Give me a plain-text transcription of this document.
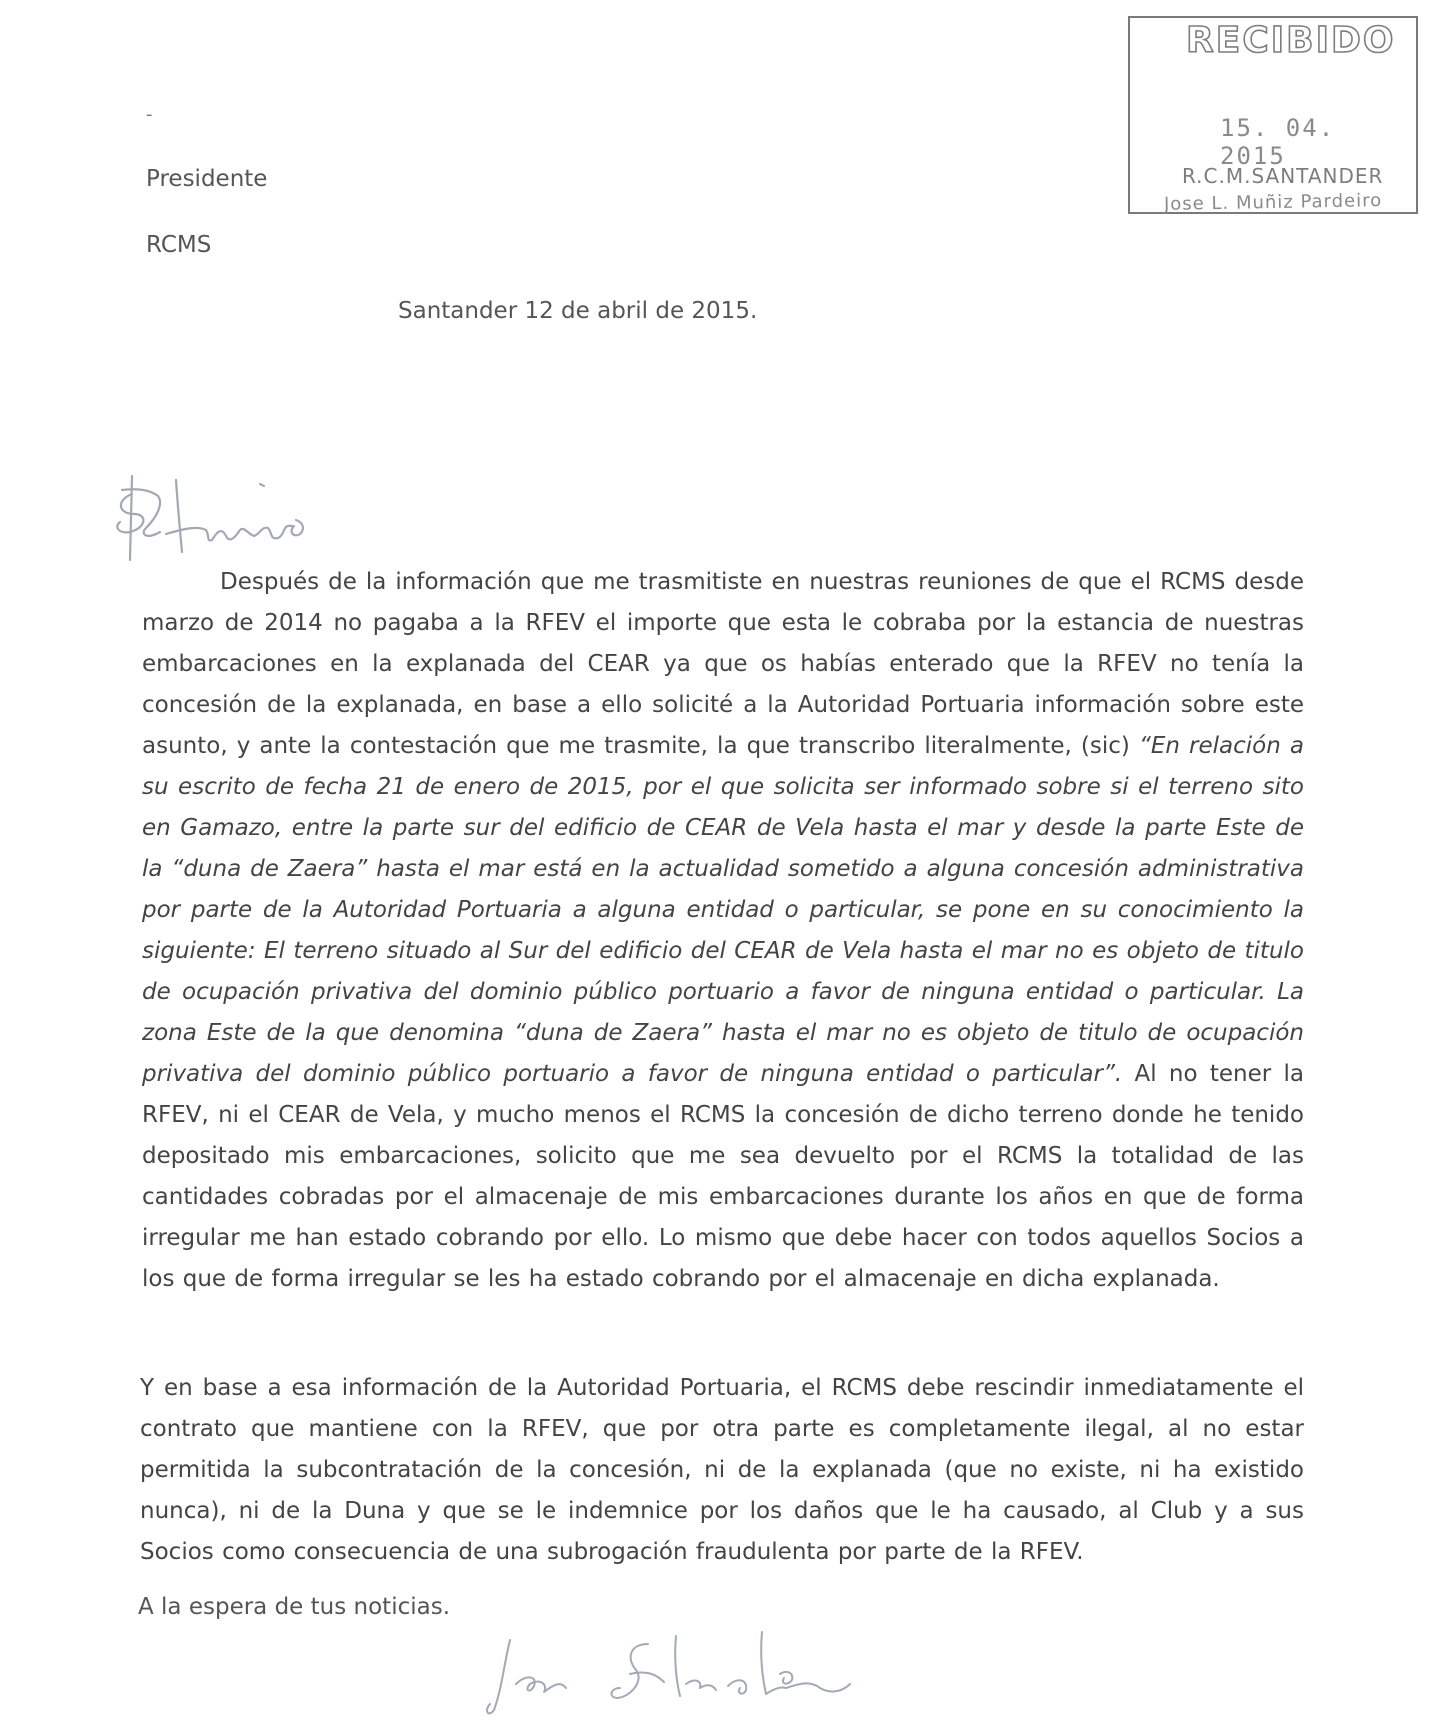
RECIBIDO
15. 04. 2015
R.C.M.SANTANDER
Jose L. Muñiz Pardeiro
-
Presidente
RCMS
Santander 12 de abril de 2015.

Después de la información que me trasmitiste en nuestras reuniones de que el RCMS desde marzo de 2014 no pagaba a la RFEV el importe que esta le cobraba por la estancia de nuestras embarcaciones en la explanada del CEAR ya que os habías enterado que la RFEV no tenía la concesión de la explanada, en base a ello solicité a la Autoridad Portuaria información sobre este asunto, y ante la contestación que me trasmite, la que transcribo literalmente, (sic) “En relación a su escrito de fecha 21 de enero de 2015, por el que solicita ser informado sobre si el terreno sito en Gamazo, entre la parte sur del edificio de CEAR de Vela hasta el mar y desde la parte Este de la “duna de Zaera” hasta el mar está en la actualidad sometido a alguna concesión administrativa por parte de la Autoridad Portuaria a alguna entidad o particular, se pone en su conocimiento la siguiente: El terreno situado al Sur del edificio del CEAR de Vela hasta el mar no es objeto de titulo de ocupación privativa del dominio público portuario a favor de ninguna entidad o particular. La zona Este de la que denomina “duna de Zaera” hasta el mar no es objeto de titulo de ocupación privativa del dominio público portuario a favor de ninguna entidad o particular”. Al no tener la RFEV, ni el CEAR de Vela, y mucho menos el RCMS la concesión de dicho terreno donde he tenido depositado mis embarcaciones, solicito que me sea devuelto por el RCMS la totalidad de las cantidades cobradas por el almacenaje de mis embarcaciones durante los años en que de forma irregular me han estado cobrando por ello. Lo mismo que debe hacer con todos aquellos Socios a los que de forma irregular se les ha estado cobrando por el almacenaje en dicha explanada.

Y en base a esa información de la Autoridad Portuaria, el RCMS debe rescindir inmediatamente el contrato que mantiene con la RFEV, que por otra parte es completamente ilegal, al no estar permitida la subcontratación de la concesión, ni de la explanada (que no existe, ni ha existido nunca), ni de la Duna y que se le indemnice por los daños que le ha causado, al Club y a sus Socios como consecuencia de una subrogación fraudulenta por parte de la RFEV.

A la espera de tus noticias.
